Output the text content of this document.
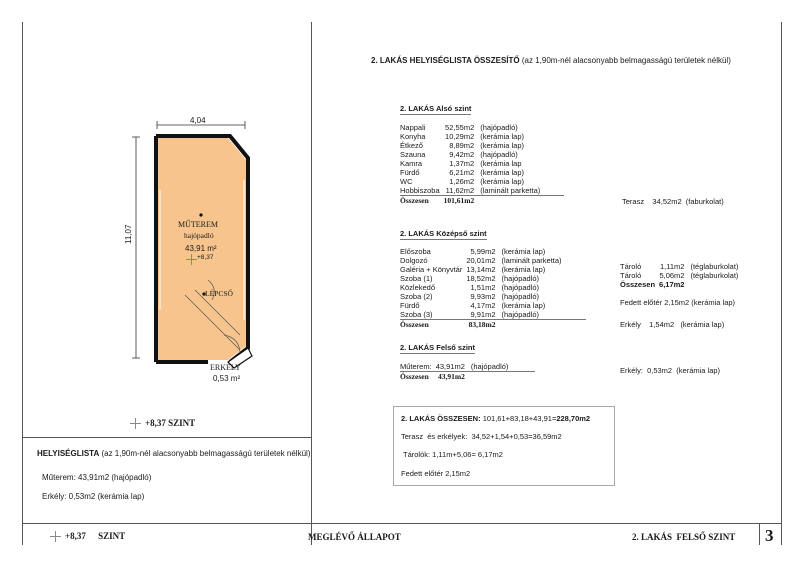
4,04
11,07
MŰTEREM
hajópadló
43,91 m²
+8,37
LÉPCSŐ
ERKÉLY
0,53 m²
+8,37 SZINT
HELYISÉGLISTA (az 1,90m-nél alacsonyabb belmagasságú területek nélkül)
Műterem: 43,91m2 (hajópadló)
Erkély: 0,53m2 (kerámia lap)
2. LAKÁS HELYISÉGLISTA ÖSSZESÍTŐ (az 1,90m-nél alacsonyabb belmagasságú területek nélkül)
2. LAKÁS Alsó szint
Nappali	52,55m2	(hajópadló)
Konyha	10,29m2	(kerámia lap)
Étkező	8,89m2	(kerámia lap)
Szauna	9,42m2	(hajópadló)
Kamra	1,37m2	(kerámia lap
Fürdő	6,21m2	(kerámia lap)
WC	1,26m2	(kerámia lap)
Hobbiszoba	11,62m2	(laminált parketta)
Összesen	101,61m2		Terasz    34,52m2  (faburkolat)
2. LAKÁS Középső szint
Előszoba	5,99m2	(kerámia lap)
Dolgozó	20,01m2	(laminált parketta)
Galéria + Könyvtár	13,14m2	(kerámia lap)
Szoba (1)	18,52m2	(hajópadló)
Közlekedő	1,51m2	(hajópadló)
Szoba (2)	9,93m2	(hajópadló)
Fürdő	4,17m2	(kerámia lap)
Szoba (3)	9,91m2	(hajópadló)
Összesen	83,18m2	
Tároló	1,11m2	(téglaburkolat)
Tároló	5,06m2	(téglaburkolat)
Összesen	6,17m2	
Fedett előtér 2,15m2 (kerámia lap)
Erkély    1,54m2   (kerámia lap)
2. LAKÁS Felső szint
Műterem:	43,91m2	(hajópadló)
Összesen	43,91m2	
Erkély:  0,53m2  (kerámia lap)
2. LAKÁS ÖSSZESEN: 101,61+83,18+43,91=228,70m2
Terasz  és erkélyek:  34,52+1,54+0,53=36,59m2
Tárolók: 1,11m+5,06= 6,17m2
Fedett előtér 2,15m2
+8,37 SZINT	MEGLÉVŐ ÁLLAPOT	2. LAKÁS  FELSŐ SZINT 3
